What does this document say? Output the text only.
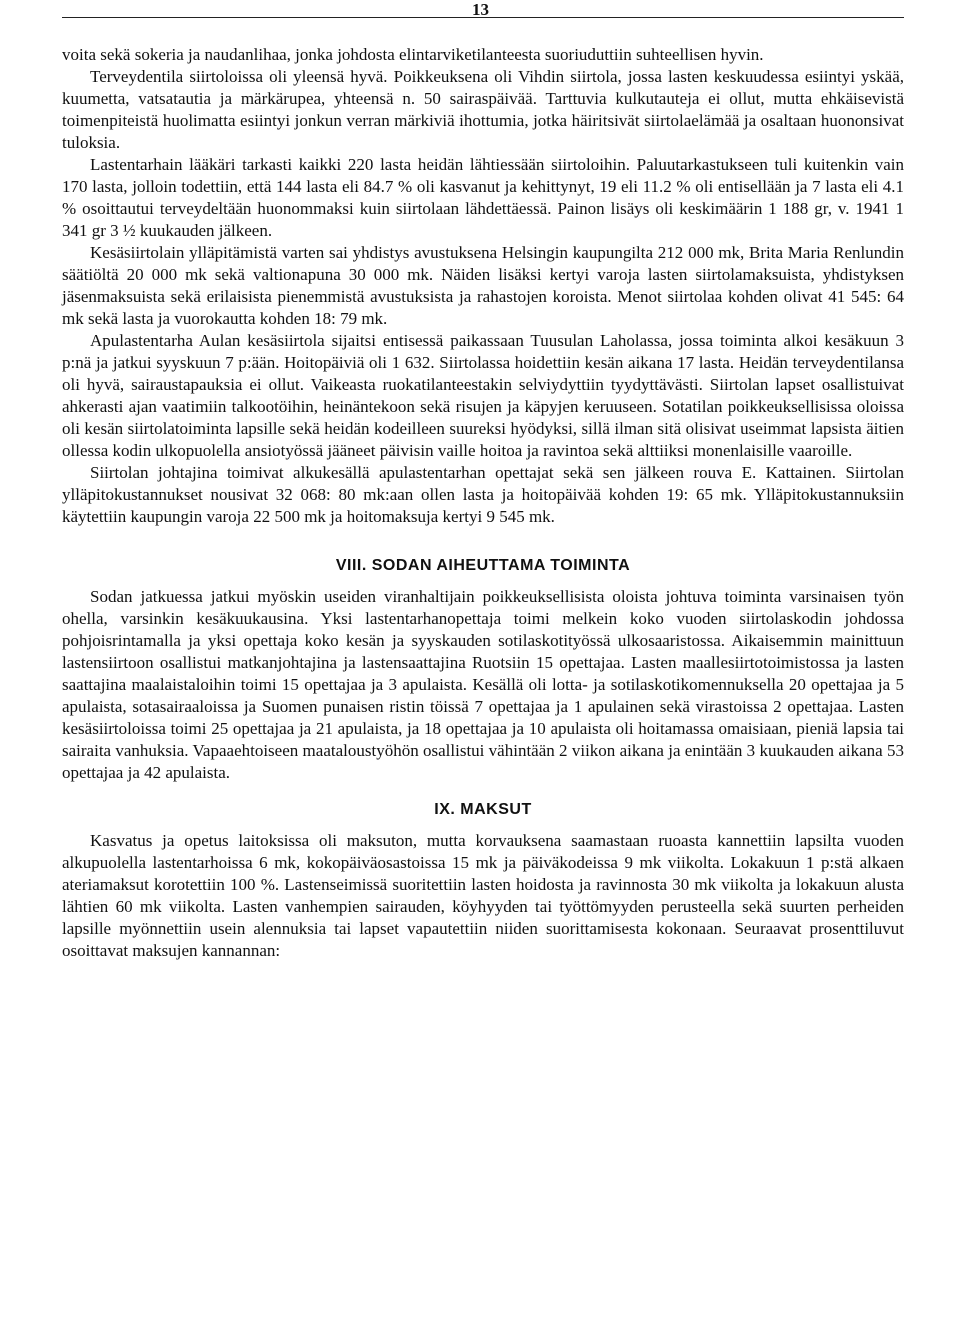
13

voita sekä sokeria ja naudanlihaa, jonka johdosta elintarviketilanteesta suoriuduttiin suhteellisen hyvin.

Terveydentila siirtoloissa oli yleensä hyvä. Poikkeuksena oli Vihdin siirtola, jossa lasten keskuudessa esiintyi yskää, kuumetta, vatsatautia ja märkärupea, yhteensä n. 50 sairaspäivää. Tarttuvia kulkutauteja ei ollut, mutta ehkäisevistä toimenpiteistä huolimatta esiintyi jonkun verran märkiviä ihottumia, jotka häiritsivät siirtolaelämää ja osaltaan huononsivat tuloksia.

Lastentarhain lääkäri tarkasti kaikki 220 lasta heidän lähtiessään siirtoloihin. Paluutarkastukseen tuli kuitenkin vain 170 lasta, jolloin todettiin, että 144 lasta eli 84.7 % oli kasvanut ja kehittynyt, 19 eli 11.2 % oli entisellään ja 7 lasta eli 4.1 % osoittautui terveydeltään huonommaksi kuin siirtolaan lähdettäessä. Painon lisäys oli keskimäärin 1 188 gr, v. 1941 1 341 gr 3 ½ kuukauden jälkeen.

Kesäsiirtolain ylläpitämistä varten sai yhdistys avustuksena Helsingin kaupungilta 212 000 mk, Brita Maria Renlundin säätiöltä 20 000 mk sekä valtionapuna 30 000 mk. Näiden lisäksi kertyi varoja lasten siirtolamaksuista, yhdistyksen jäsenmaksuista sekä erilaisista pienemmistä avustuksista ja rahastojen koroista. Menot siirtolaa kohden olivat 41 545: 64 mk sekä lasta ja vuorokautta kohden 18: 79 mk.

Apulastentarha Aulan kesäsiirtola sijaitsi entisessä paikassaan Tuusulan Laholassa, jossa toiminta alkoi kesäkuun 3 p:nä ja jatkui syyskuun 7 p:ään. Hoitopäiviä oli 1 632. Siirtolassa hoidettiin kesän aikana 17 lasta. Heidän terveydentilansa oli hyvä, sairaustapauksia ei ollut. Vaikeasta ruokatilanteestakin selviydyttiin tyydyttävästi. Siirtolan lapset osallistuivat ahkerasti ajan vaatimiin talkootöihin, heinäntekoon sekä risujen ja käpyjen keruuseen. Sotatilan poikkeuksellisissa oloissa oli kesän siirtolatoiminta lapsille sekä heidän kodeilleen suureksi hyödyksi, sillä ilman sitä olisivat useimmat lapsista äitien ollessa kodin ulkopuolella ansiotyössä jääneet päivisin vaille hoitoa ja ravintoa sekä alttiiksi monenlaisille vaaroille.

Siirtolan johtajina toimivat alkukesällä apulastentarhan opettajat sekä sen jälkeen rouva E. Kattainen. Siirtolan ylläpitokustannukset nousivat 32 068: 80 mk:aan ollen lasta ja hoitopäivää kohden 19: 65 mk. Ylläpitokustannuksiin käytettiin kaupungin varoja 22 500 mk ja hoitomaksuja kertyi 9 545 mk.

VIII. SODAN AIHEUTTAMA TOIMINTA

Sodan jatkuessa jatkui myöskin useiden viranhaltijain poikkeuksellisista oloista johtuva toiminta varsinaisen työn ohella, varsinkin kesäkuukausina. Yksi lastentarhanopettaja toimi melkein koko vuoden siirtolaskodin johdossa pohjoisrintamalla ja yksi opettaja koko kesän ja syyskauden sotilaskotityössä ulkosaaristossa. Aikaisemmin mainittuun lastensiirtoon osallistui matkanjohtajina ja lastensaattajina Ruotsiin 15 opettajaa. Lasten maallesiirtotoimistossa ja lasten saattajina maalaistaloihin toimi 15 opettajaa ja 3 apulaista. Kesällä oli lotta- ja sotilaskotikomennuksella 20 opettajaa ja 5 apulaista, sotasairaaloissa ja Suomen punaisen ristin töissä 7 opettajaa ja 1 apulainen sekä virastoissa 2 opettajaa. Lasten kesäsiirtoloissa toimi 25 opettajaa ja 21 apulaista, ja 18 opettajaa ja 10 apulaista oli hoitamassa omaisiaan, pieniä lapsia tai sairaita vanhuksia. Vapaaehtoiseen maataloustyöhön osallistui vähintään 2 viikon aikana ja enintään 3 kuukauden aikana 53 opettajaa ja 42 apulaista.

IX. MAKSUT

Kasvatus ja opetus laitoksissa oli maksuton, mutta korvauksena saamastaan ruoasta kannettiin lapsilta vuoden alkupuolella lastentarhoissa 6 mk, kokopäiväosastoissa 15 mk ja päiväkodeissa 9 mk viikolta. Lokakuun 1 p:stä alkaen ateriamaksut korotettiin 100 %. Lastenseimissä suoritettiin lasten hoidosta ja ravinnosta 30 mk viikolta ja lokakuun alusta lähtien 60 mk viikolta. Lasten vanhempien sairauden, köyhyyden tai työttömyyden perusteella sekä suurten perheiden lapsille myönnettiin usein alennuksia tai lapset vapautettiin niiden suorittamisesta kokonaan. Seuraavat prosenttiluvut osoittavat maksujen kannannan:
